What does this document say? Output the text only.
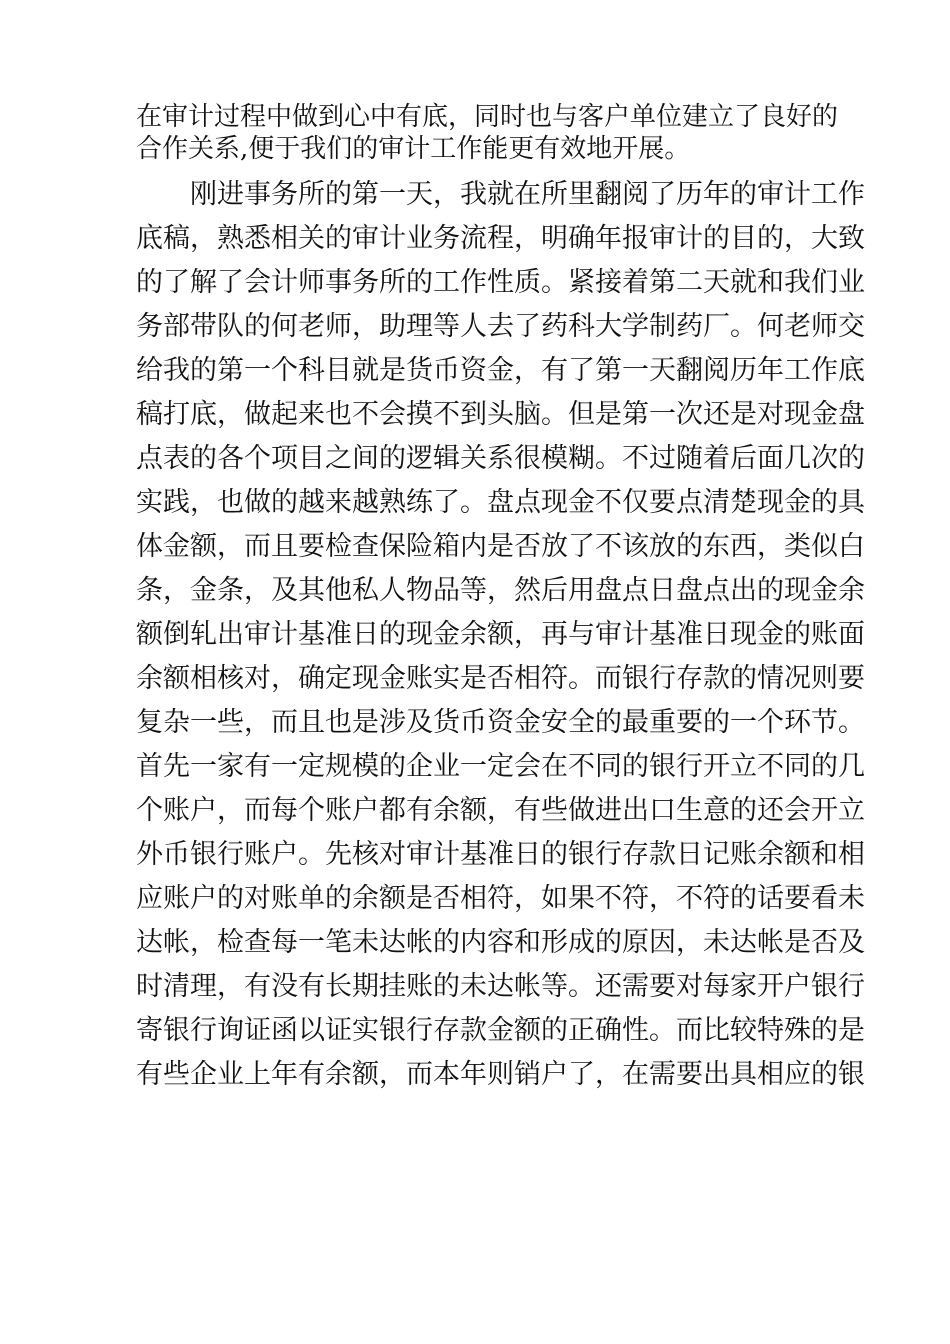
在审计过程中做到心中有底，同时也与客户单位建立了良好的
合作关系,便于我们的审计工作能更有效地开展。
刚进事务所的第一天，我就在所里翻阅了历年的审计工作
底稿，熟悉相关的审计业务流程，明确年报审计的目的，大致
的了解了会计师事务所的工作性质。紧接着第二天就和我们业
务部带队的何老师，助理等人去了药科大学制药厂。何老师交
给我的第一个科目就是货币资金，有了第一天翻阅历年工作底
稿打底，做起来也不会摸不到头脑。但是第一次还是对现金盘
点表的各个项目之间的逻辑关系很模糊。不过随着后面几次的
实践，也做的越来越熟练了。盘点现金不仅要点清楚现金的具
体金额，而且要检查保险箱内是否放了不该放的东西，类似白
条，金条，及其他私人物品等，然后用盘点日盘点出的现金余
额倒轧出审计基准日的现金余额，再与审计基准日现金的账面
余额相核对，确定现金账实是否相符。而银行存款的情况则要
复杂一些，而且也是涉及货币资金安全的最重要的一个环节。
首先一家有一定规模的企业一定会在不同的银行开立不同的几
个账户，而每个账户都有余额，有些做进出口生意的还会开立
外币银行账户。先核对审计基准日的银行存款日记账余额和相
应账户的对账单的余额是否相符，如果不符，不符的话要看未
达帐，检查每一笔未达帐的内容和形成的原因，未达帐是否及
时清理，有没有长期挂账的未达帐等。还需要对每家开户银行
寄银行询证函以证实银行存款金额的正确性。而比较特殊的是
有些企业上年有余额，而本年则销户了，在需要出具相应的银
